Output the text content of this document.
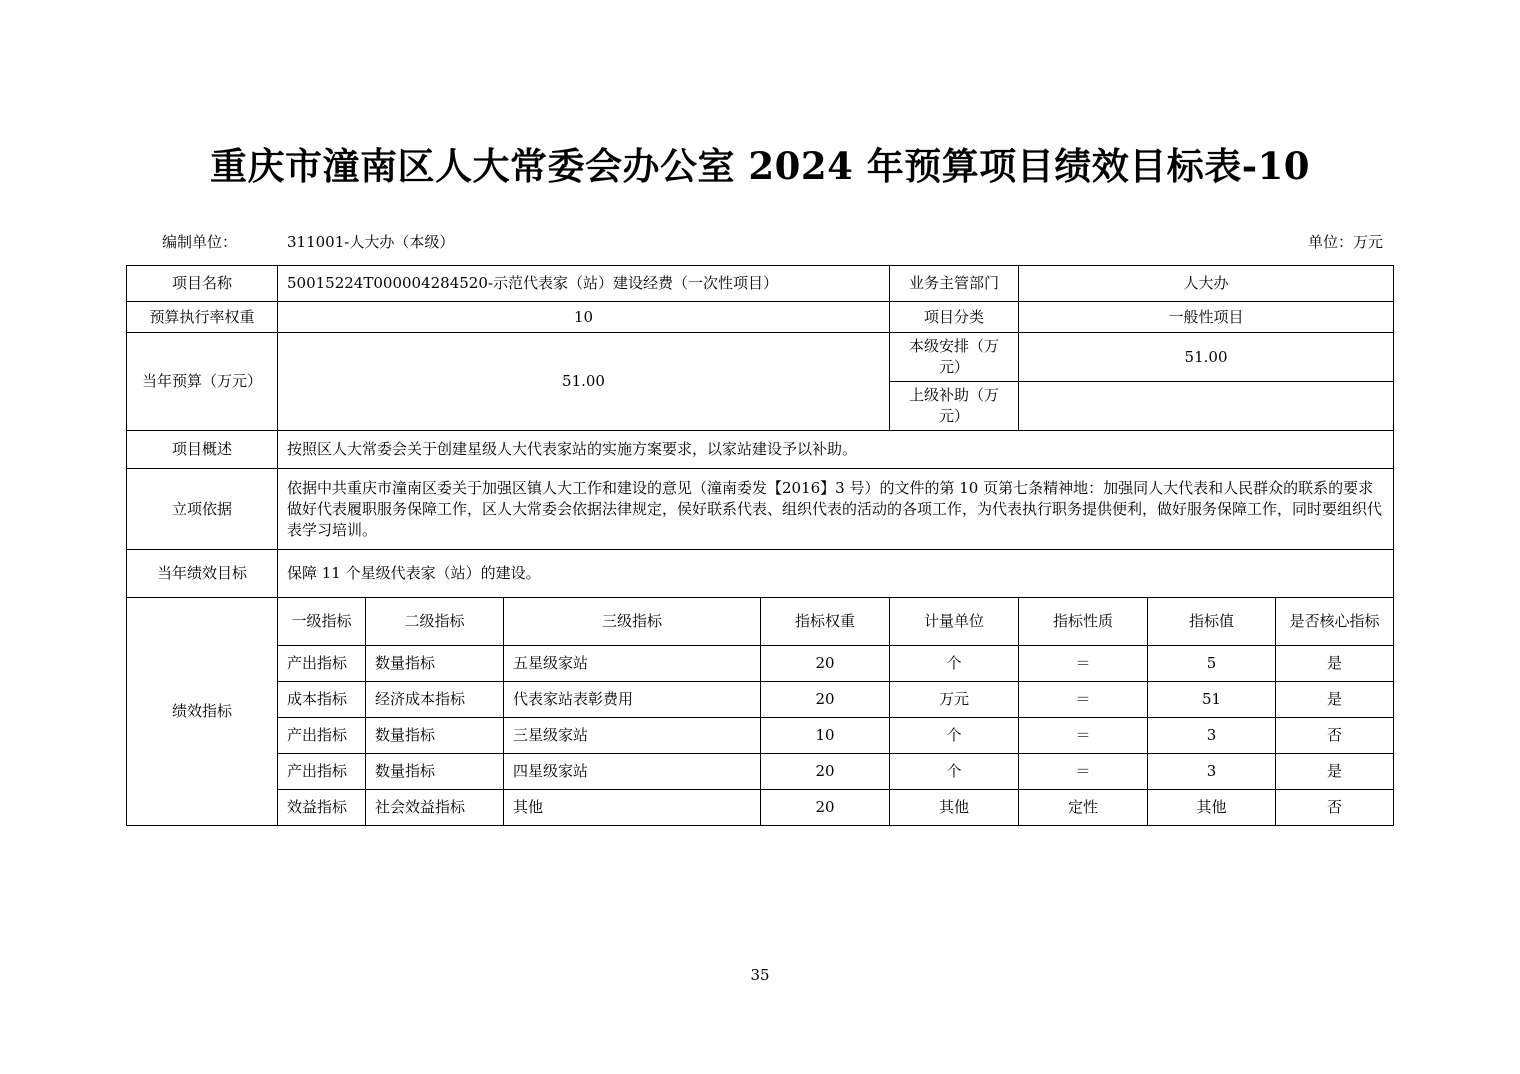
重庆市潼南区人大常委会办公室 2024 年预算项目绩效目标表-10
编制单位：	311001-人大办（本级）	单位：万元
项目名称	50015224T000004284520-示范代表家（站）建设经费（一次性项目）				业务主管部门	人大办		
预算执行率权重	10				项目分类	一般性项目		
当年预算（万元）	51.00				本级安排（万元）	51.00		
					上级补助（万元）			
项目概述	按照区人大常委会关于创建星级人大代表家站的实施方案要求，以家站建设予以补助。							
立项依据	依据中共重庆市潼南区委关于加强区镇人大工作和建设的意见（潼南委发【2016】3 号）的文件的第 10 页第七条精神地：加强同人大代表和人民群众的联系的要求做好代表履职服务保障工作，区人大常委会依据法律规定，侯好联系代表、组织代表的活动的各项工作，为代表执行职务提供便利，做好服务保障工作，同时要组织代表学习培训。							
当年绩效目标	保障 11 个星级代表家（站）的建设。							
绩效指标	一级指标	二级指标	三级指标	指标权重	计量单位	指标性质	指标值	是否核心指标
	产出指标	数量指标	五星级家站	20	个	＝	5	是
	成本指标	经济成本指标	代表家站表彰费用	20	万元	＝	51	是
	产出指标	数量指标	三星级家站	10	个	＝	3	否
	产出指标	数量指标	四星级家站	20	个	＝	3	是
	效益指标	社会效益指标	其他	20	其他	定性	其他	否
35
